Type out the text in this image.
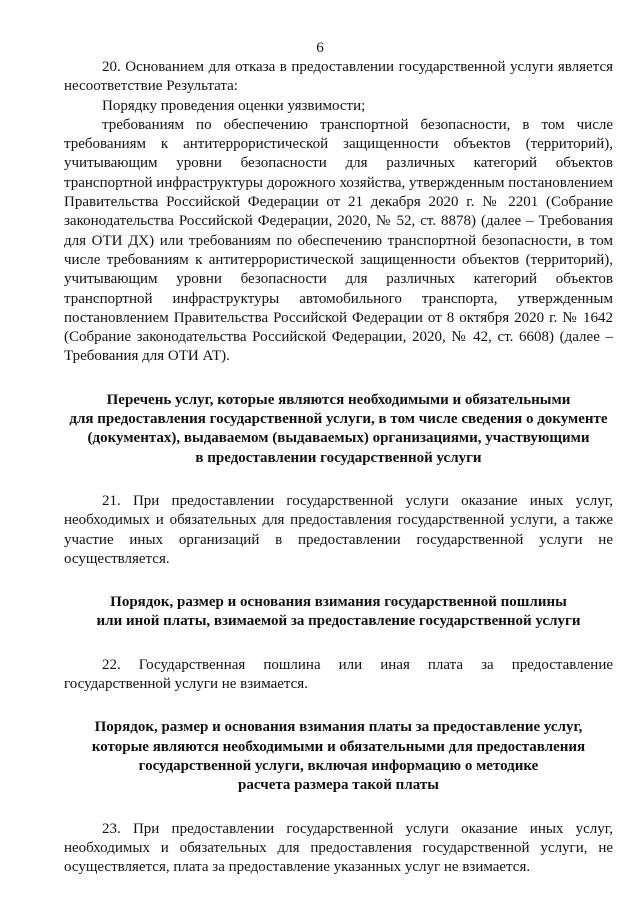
6

20. Основанием для отказа в предоставлении государственной услуги является несоответствие Результата:

Порядку проведения оценки уязвимости;

требованиям по обеспечению транспортной безопасности, в том числе требованиям к антитеррористической защищенности объектов (территорий), учитывающим уровни безопасности для различных категорий объектов транспортной инфраструктуры дорожного хозяйства, утвержденным постановлением Правительства Российской Федерации от 21 декабря 2020 г. № 2201 (Собрание законодательства Российской Федерации, 2020, № 52, ст. 8878) (далее – Требования для ОТИ ДХ) или требованиям по обеспечению транспортной безопасности, в том числе требованиям к антитеррористической защищенности объектов (территорий), учитывающим уровни безопасности для различных категорий объектов транспортной инфраструктуры автомобильного транспорта, утвержденным постановлением Правительства Российской Федерации от 8 октября 2020 г. № 1642 (Собрание законодательства Российской Федерации, 2020, № 42, ст. 6608) (далее – Требования для ОТИ АТ).

Перечень услуг, которые являются необходимыми и обязательными
для предоставления государственной услуги, в том числе сведения о документе
(документах), выдаваемом (выдаваемых) организациями, участвующими
в предоставлении государственной услуги

21. При предоставлении государственной услуги оказание иных услуг, необходимых и обязательных для предоставления государственной услуги, а также участие иных организаций в предоставлении государственной услуги не осуществляется.

Порядок, размер и основания взимания государственной пошлины
или иной платы, взимаемой за предоставление государственной услуги

22. Государственная пошлина или иная плата за предоставление государственной услуги не взимается.

Порядок, размер и основания взимания платы за предоставление услуг,
которые являются необходимыми и обязательными для предоставления
государственной услуги, включая информацию о методике
расчета размера такой платы

23. При предоставлении государственной услуги оказание иных услуг, необходимых и обязательных для предоставления государственной услуги, не осуществляется, плата за предоставление указанных услуг не взимается.
